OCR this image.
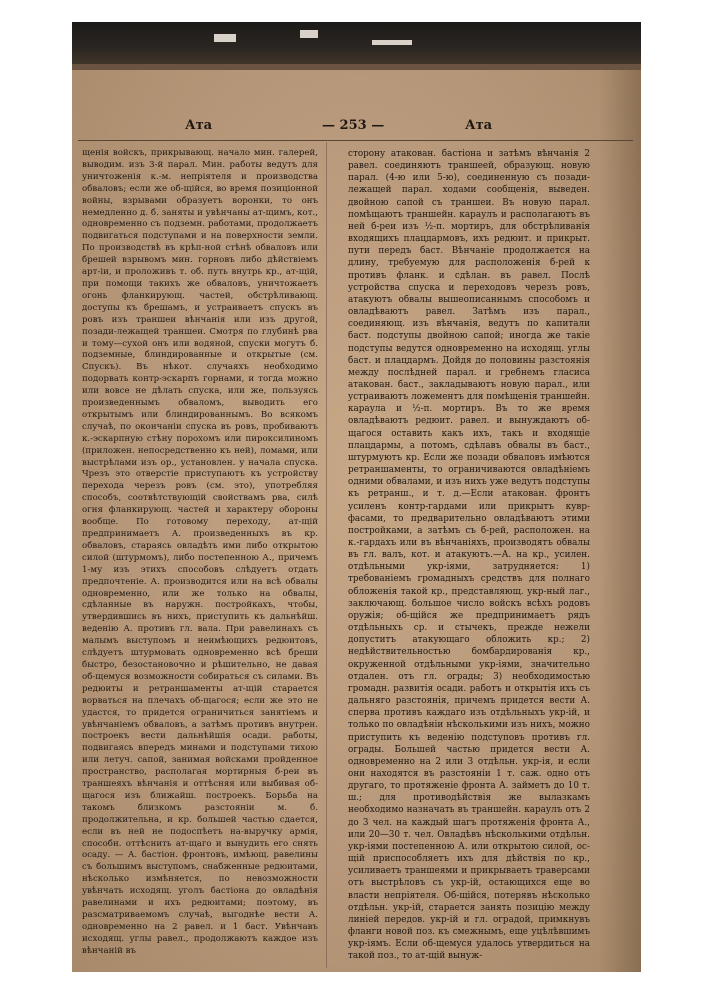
Ата	— 253 —	Ата

щенія войскъ, прикрывающ. начало мин. галерей, выводим. изъ 3-й парал. Мин. работы ведутъ для уничтоженія к.-м. непріятеля и производства обваловъ; если же об-щійся, во время позиціонной войны, взрывами образуетъ воронки, то онъ немедленно д. б. заняты и увѣнчаны ат-щимъ, кот., одновременно съ подземн. работами, продолжаетъ подвигаться подступами и на поверхности земли. По производствѣ въ крѣп-ной стѣнѣ обваловъ или брешей взрывомъ мин. горновъ либо дѣйствіемъ арт-іи, и проложивъ т. об. путь внутрь кр., ат-щій, при помощи такихъ же обваловъ, уничтожаетъ огонь фланкирующ. частей, обстрѣливающ. доступы къ брешамъ, и устраиваетъ спускъ въ ровъ изъ траншеи вѣнчанія или изъ другой, позади-лежащей траншеи. Смотря по глубинѣ рва и тому—сухой онъ или водяной, спуски могутъ б. подземные, блиндированные и открытые (см. Спускъ). Въ нѣкот. случаяхъ необходимо подорвать контр-эскарпъ горнами, и тогда можно или вовсе не дѣлать спуска, или же, пользуясь произведеннымъ обваломъ, выводить его открытымъ или блиндированнымъ. Во всякомъ случаѣ, по окончаніи спуска въ ровъ, пробиваютъ к.-эскарпную стѣну порохомъ или пироксилиномъ (приложен. непосредственно къ ней), ломами, или выстрѣлами изъ ор., установлен. у начала спуска. Чрезъ это отверстіе приступаютъ къ устройству перехода черезъ ровъ (см. это), употребляя способъ, соотвѣтствующій свойствамъ рва, силѣ огня фланкирующ. частей и характеру обороны вообще. По готовому переходу, ат-щій предпринимаетъ А. произведенныхъ въ кр. обваловъ, стараясь овладѣть ими либо открытою силой (штурмомъ), либо постепенною А., причемъ 1-му изъ этихъ способовъ слѣдуетъ отдать предпочтеніе. А. производится или на всѣ обвалы одновременно, или же только на обвалы, сдѣланные въ наружн. постройкахъ, чтобы, утвердившись въ нихъ, приступить къ дальнѣйш. веденію А. противъ гл. вала. При равелинахъ съ малымъ выступомъ и неимѣющихъ редюитовъ, слѣдуетъ штурмовать одновременно всѣ бреши быстро, безостановочно и рѣшительно, не давая об-щемуся возможности собираться съ силами. Въ редюиты и ретраншаменты ат-щій старается ворваться на плечахъ об-щагося; если же это не удастся, то придется ограничиться занятіемъ и увѣнчаніемъ обваловъ, а затѣмъ противъ внутрен. построекъ вести дальнѣйшія осади. работы, подвигаясь впередъ минами и подступами тихою или летуч. сапой, занимая войсками пройденное пространство, располагая мортирныя б-реи въ траншеяхъ вѣнчанія и оттѣсняя или выбивая об-щагося изъ ближайш. построекъ. Борьба на такомъ близкомъ разстояніи м. б. продолжительна, и кр. большей частью сдается, если въ ней не подоспѣетъ на-выручку армія, способн. оттѣснить ат-щаго и вынудить его снять осаду. — А. бастіон. фронтовъ, имѣющ. равелины съ большимъ выступомъ, снабженные редюитами, нѣсколько измѣняется, по невозможности увѣнчать исходящ. уголъ бастіона до овладѣнія равелинами и ихъ редюитами; поэтому, въ разсматриваемомъ случаѣ, выгоднѣе вести А. одновременно на 2 равел. и 1 баст. Увѣнчавъ исходящ. углы равел., продолжаютъ каждое изъ вѣнчаній въ

сторону атакован. бастіона и затѣмъ вѣнчанія 2 равел. соединяютъ траншеей, образующ. новую парал. (4-ю или 5-ю), соединенную съ позади-лежащей парал. ходами сообщенія, выведен. двойною сапой съ траншеи. Въ новую парал. помѣщаютъ траншейн. караулъ и располагаютъ въ ней б-реи изъ ½-п. мортиръ, для обстрѣливанія входящихъ плацдармовъ, ихъ редюит. и прикрыт. пути передъ баст. Вѣнчаніе продолжается на длину, требуемую для расположенія б-рей к противъ фланк. и сдѣлан. въ равел. Послѣ устройства спуска и переходовъ черезъ ровъ, атакуютъ обвалы вышеописаннымъ способомъ и овладѣваютъ равел. Затѣмъ изъ парал., соединяющ. изъ вѣнчанія, ведутъ по капитали баст. подступы двойною сапой; иногда же такіе подступы ведутся одновременно на исходящ. углы баст. и плацдармъ. Дойдя до половины разстоянія между послѣдней парал. и гребнемъ гласиса атакован. баст., закладываютъ новую парал., или устраиваютъ ложементъ для помѣщенія траншейн. караула и ½-п. мортиръ. Въ то же время овладѣваютъ редюит. равел. и вынуждаютъ об-щагося оставить какъ ихъ, такъ и входящіе плацдармы, а потомъ, сдѣлавъ обвалы въ баст., штурмуютъ кр. Если же позади обваловъ имѣются ретраншаменты, то ограничиваются овладѣніемъ одними обвалами, и изъ нихъ уже ведутъ подступы къ ретранш., и т. д.—Если атакован. фронтъ усиленъ контр-гардами или прикрытъ кувр-фасами, то предварительно овладѣваютъ этими постройками, а затѣмъ съ б-рей, расположен. на к.-гардахъ или въ вѣнчаніяхъ, производятъ обвалы въ гл. валъ, кот. и атакуютъ.—А. на кр., усилен. отдѣльными укр-іями, затрудняется: 1) требованіемъ громадныхъ средствъ для полнаго обложенія такой кр., представляющ. укр-ный лаг., заключающ. большое число войскъ всѣхъ родовъ оружія; об-щійся же предпринимаетъ рядъ отдѣльныхъ ср. и стычекъ, прежде нежели допуститъ атакующаго обложить кр.; 2) недѣйствительностью бомбардированія кр., окруженной отдѣльными укр-іями, значительно отдален. отъ гл. ограды; 3) необходимостью громадн. развитія осади. работъ и открытія ихъ съ дальняго разстоянія, причемъ придется вести А. сперва противъ каждаго изъ отдѣльныхъ укр-ій, и только по овладѣніи нѣсколькими изъ нихъ, можно приступить къ веденію подступовъ противъ гл. ограды. Большей частью придется вести А. одновременно на 2 или 3 отдѣльн. укр-ія, и если они находятся въ разстояніи 1 т. саж. одно отъ другаго, то протяженіе фронта А. займетъ до 10 т. ш.; для противодѣйствія же вылазкамъ необходимо назначать въ траншейн. караулъ отъ 2 до 3 чел. на каждый шагъ протяженія фронта А., или 20—30 т. чел. Овладѣвъ нѣсколькими отдѣльн. укр-іями постепенною А. или открытою силой, ос-щій приспособляетъ ихъ для дѣйствія по кр., усиливаетъ траншеями и прикрываетъ траверсами отъ выстрѣловъ съ укр-ій, остающихся еще во власти непріятеля. Об-щійся, потерявъ нѣсколько отдѣльн. укр-ій, старается занять позицію между линіей передов. укр-ій и гл. оградой, примкнувъ фланги новой поз. къ смежнымъ, еще уцѣлѣвшимъ укр-іямъ. Если об-щемуся удалось утвердиться на такой поз., то ат-щій вынуж-
